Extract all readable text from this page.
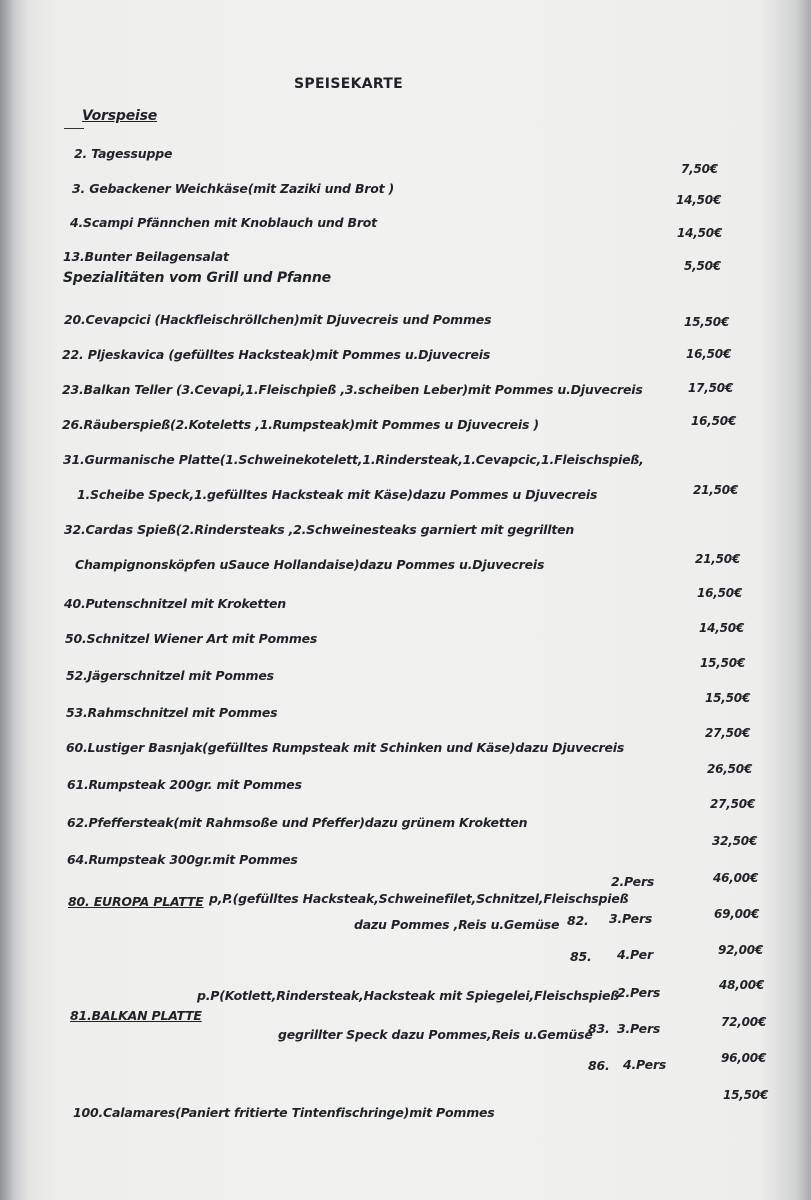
SPEISEKARTE
Vorspeise
2. Tagessuppe
7,50€
3. Gebackener Weichkäse(mit Zaziki und Brot )
14,50€
4.Scampi Pfännchen mit Knoblauch und Brot
14,50€
13.Bunter Beilagensalat
5,50€
Spezialitäten vom Grill und Pfanne
20.Cevapcici (Hackfleischröllchen)mit Djuvecreis und Pommes	15,50€
22. Pljeskavica (gefülltes Hacksteak)mit Pommes u.Djuvecreis	16,50€
23.Balkan Teller (3.Cevapi,1.Fleischpieß ,3.scheiben Leber)mit Pommes u.Djuvecreis	17,50€
26.Räuberspieß(2.Koteletts ,1.Rumpsteak)mit Pommes u Djuvecreis )	16,50€
31.Gurmanische Platte(1.Schweinekotelett,1.Rindersteak,1.Cevapcic,1.Fleischspieß,
1.Scheibe Speck,1.gefülltes Hacksteak mit Käse)dazu Pommes u Djuvecreis	21,50€
32.Cardas Spieß(2.Rindersteaks ,2.Schweinesteaks garniert mit gegrillten
Champignonsköpfen uSauce Hollandaise)dazu Pommes u.Djuvecreis	21,50€
40.Putenschnitzel mit Kroketten
16,50€
50.Schnitzel Wiener Art mit Pommes
14,50€
52.Jägerschnitzel mit Pommes
15,50€
53.Rahmschnitzel mit Pommes
15,50€
60.Lustiger Basnjak(gefülltes Rumpsteak mit Schinken und Käse)dazu Djuvecreis
27,50€
61.Rumpsteak 200gr. mit Pommes
26,50€
62.Pfeffersteak(mit Rahmsoße und Pfeffer)dazu grünem Kroketten
27,50€
64.Rumpsteak 300gr.mit Pommes
32,50€
80. EUROPA PLATTE p,P.(gefülltes Hacksteak,Schweinefilet,Schnitzel,Fleischspieß
dazu Pommes ,Reis u.Gemüse
2.Pers	46,00€
82. 3.Pers	69,00€
85. 4.Per	92,00€
81.BALKAN PLATTE
p.P(Kotlett,Rindersteak,Hacksteak mit Spiegelei,Fleischspieß
gegrillter Speck dazu Pommes,Reis u.Gemüse
2.Pers	48,00€
83. 3.Pers	72,00€
86. 4.Pers	96,00€
15,50€
100.Calamares(Paniert fritierte Tintenfischringe)mit Pommes
